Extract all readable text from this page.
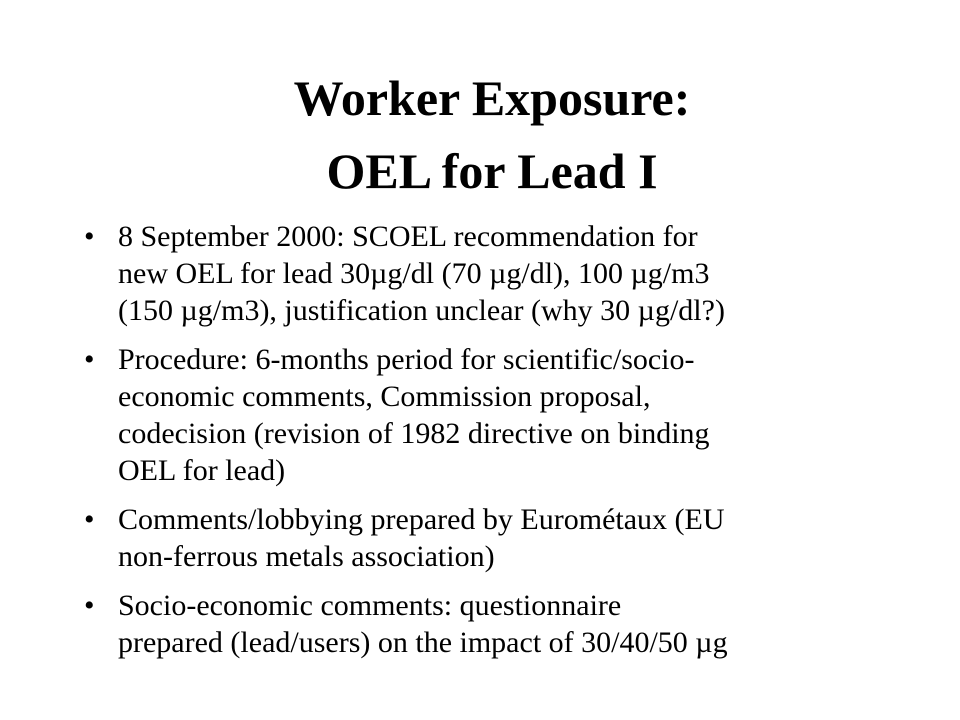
Worker Exposure:
OEL for Lead I
• 8 September 2000: SCOEL recommendation for
new OEL for lead 30µg/dl (70 µg/dl), 100 µg/m3
(150 µg/m3), justification unclear (why 30 µg/dl?)
• Procedure: 6-months period for scientific/socio-
economic comments, Commission proposal,
codecision (revision of 1982 directive on binding
OEL for lead)
• Comments/lobbying prepared by Eurométaux (EU
non-ferrous metals association)
• Socio-economic comments: questionnaire
prepared (lead/users) on the impact of 30/40/50 µg
